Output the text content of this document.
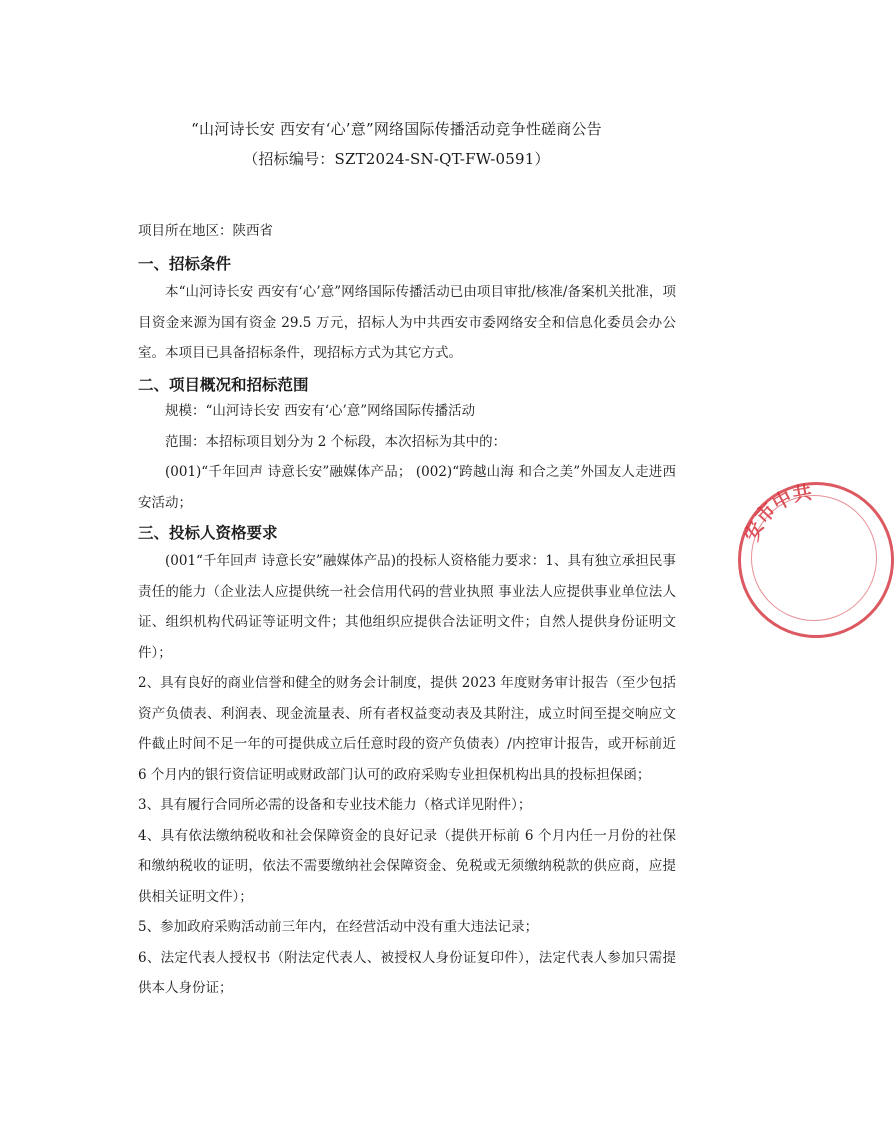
“山河诗长安 西安有‘心’意”网络国际传播活动竞争性磋商公告
（招标编号：SZT2024-SN-QT-FW-0591）
项目所在地区：陕西省
一、招标条件
本“山河诗长安 西安有‘心’意”网络国际传播活动已由项目审批/核准/备案机关批准，项目资金来源为国有资金 29.5 万元，招标人为中共西安市委网络安全和信息化委员会办公室。本项目已具备招标条件，现招标方式为其它方式。
二、项目概况和招标范围
规模：“山河诗长安 西安有‘心’意”网络国际传播活动
范围：本招标项目划分为 2 个标段，本次招标为其中的：
(001)“千年回声 诗意长安”融媒体产品； (002)“跨越山海 和合之美”外国友人走进西安活动；
三、投标人资格要求
(001“千年回声 诗意长安”融媒体产品)的投标人资格能力要求：1、具有独立承担民事责任的能力（企业法人应提供统一社会信用代码的营业执照 事业法人应提供事业单位法人证、组织机构代码证等证明文件；其他组织应提供合法证明文件；自然人提供身份证明文件）；
2、具有良好的商业信誉和健全的财务会计制度，提供 2023 年度财务审计报告（至少包括资产负债表、利润表、现金流量表、所有者权益变动表及其附注，成立时间至提交响应文件截止时间不足一年的可提供成立后任意时段的资产负债表）/内控审计报告，或开标前近 6 个月内的银行资信证明或财政部门认可的政府采购专业担保机构出具的投标担保函；
3、具有履行合同所必需的设备和专业技术能力（格式详见附件）；
4、具有依法缴纳税收和社会保障资金的良好记录（提供开标前 6 个月内任一月份的社保和缴纳税收的证明，依法不需要缴纳社会保障资金、免税或无须缴纳税款的供应商，应提供相关证明文件）；
5、参加政府采购活动前三年内，在经营活动中没有重大违法记录；
6、法定代表人授权书（附法定代表人、被授权人身份证复印件），法定代表人参加只需提供本人身份证；
安市中共
